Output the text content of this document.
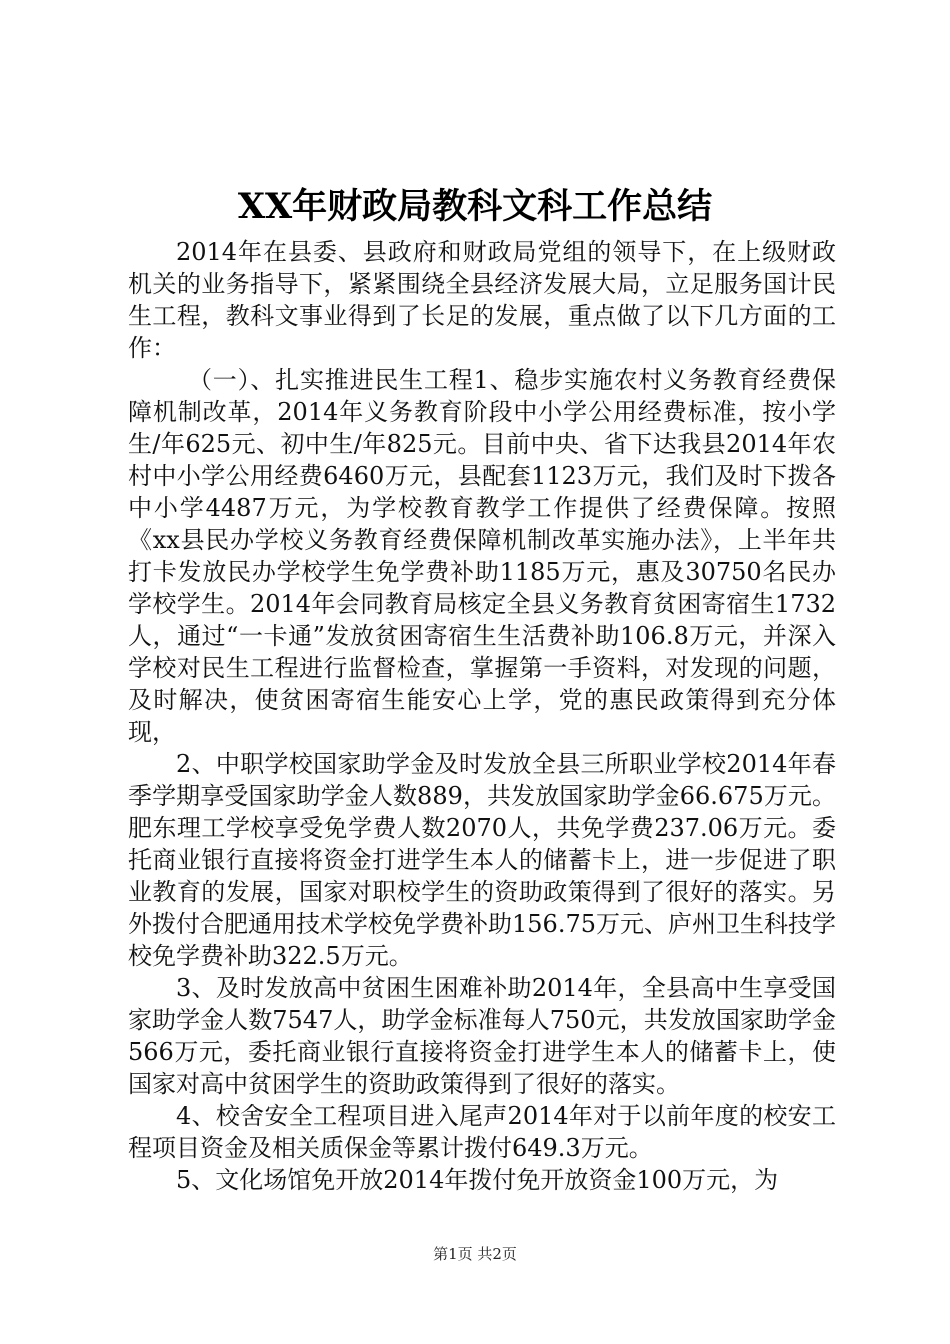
XX年财政局教科文科工作总结

2014年在县委、县政府和财政局党组的领导下，在上级财政机关的业务指导下，紧紧围绕全县经济发展大局，立足服务国计民生工程，教科文事业得到了长足的发展，重点做了以下几方面的工作：

（一）、扎实推进民生工程1、稳步实施农村义务教育经费保障机制改革，2014年义务教育阶段中小学公用经费标准，按小学生/年625元、初中生/年825元。目前中央、省下达我县2014年农村中小学公用经费6460万元，县配套1123万元，我们及时下拨各中小学4487万元，为学校教育教学工作提供了经费保障。按照《xx县民办学校义务教育经费保障机制改革实施办法》，上半年共打卡发放民办学校学生免学费补助1185万元，惠及30750名民办学校学生。2014年会同教育局核定全县义务教育贫困寄宿生1732人，通过“一卡通”发放贫困寄宿生生活费补助106.8万元，并深入学校对民生工程进行监督检查，掌握第一手资料，对发现的问题，及时解决，使贫困寄宿生能安心上学，党的惠民政策得到充分体现，

2、中职学校国家助学金及时发放全县三所职业学校2014年春季学期享受国家助学金人数889，共发放国家助学金66.675万元。肥东理工学校享受免学费人数2070人，共免学费237.06万元。委托商业银行直接将资金打进学生本人的储蓄卡上，进一步促进了职业教育的发展，国家对职校学生的资助政策得到了很好的落实。另外拨付合肥通用技术学校免学费补助156.75万元、庐州卫生科技学校免学费补助322.5万元。

3、及时发放高中贫困生困难补助2014年，全县高中生享受国家助学金人数7547人，助学金标准每人750元，共发放国家助学金566万元，委托商业银行直接将资金打进学生本人的储蓄卡上，使国家对高中贫困学生的资助政策得到了很好的落实。

4、校舍安全工程项目进入尾声2014年对于以前年度的校安工程项目资金及相关质保金等累计拨付649.3万元。

5、文化场馆免开放2014年拨付免开放资金100万元，为

第1页 共2页
